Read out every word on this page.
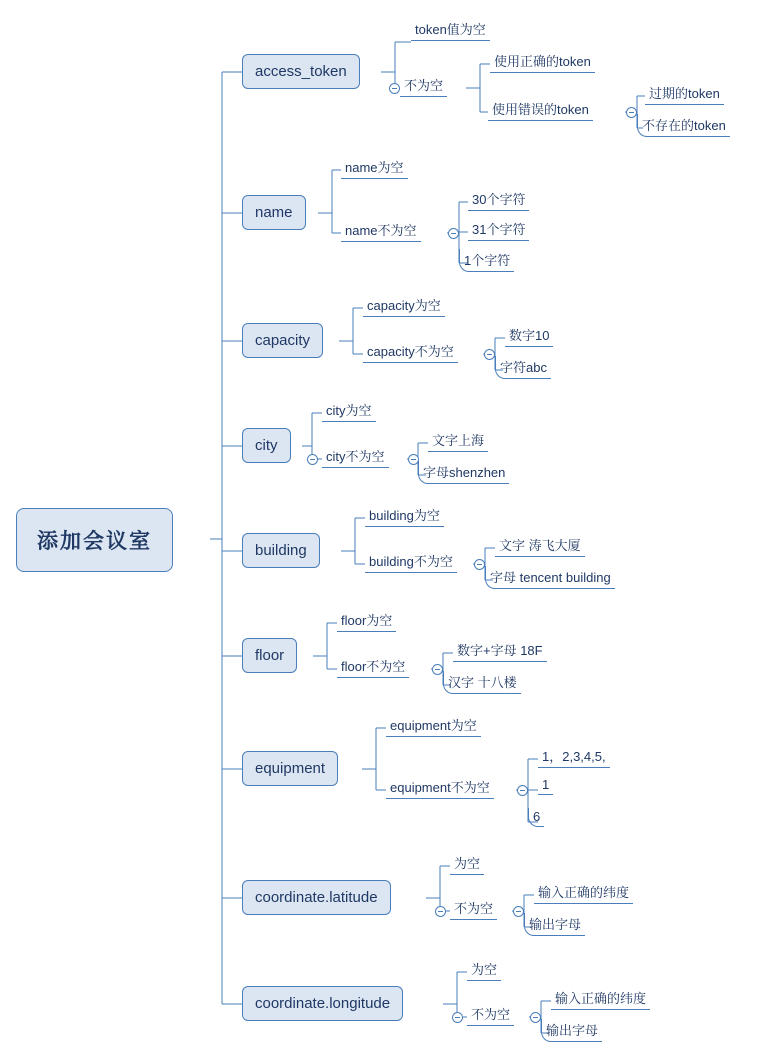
添加会议室
access_token
token值为空
不为空
使用正确的token
使用错误的token
过期的token
不存在的token
name
name为空
name不为空
30个字符
31个字符
1个字符
capacity
capacity为空
capacity不为空
数字10
字符abc
city
city为空
city不为空
文字上海
字母shenzhen
building
building为空
building不为空
文字 涛飞大厦
字母 tencent building
floor
floor为空
floor不为空
数字+字母 18F
汉字 十八楼
equipment
equipment为空
equipment不为空
1，2,3,4,5,
1
6
coordinate.latitude
为空
不为空
输入正确的纬度
输出字母
coordinate.longitude
为空
不为空
输入正确的纬度
输出字母
